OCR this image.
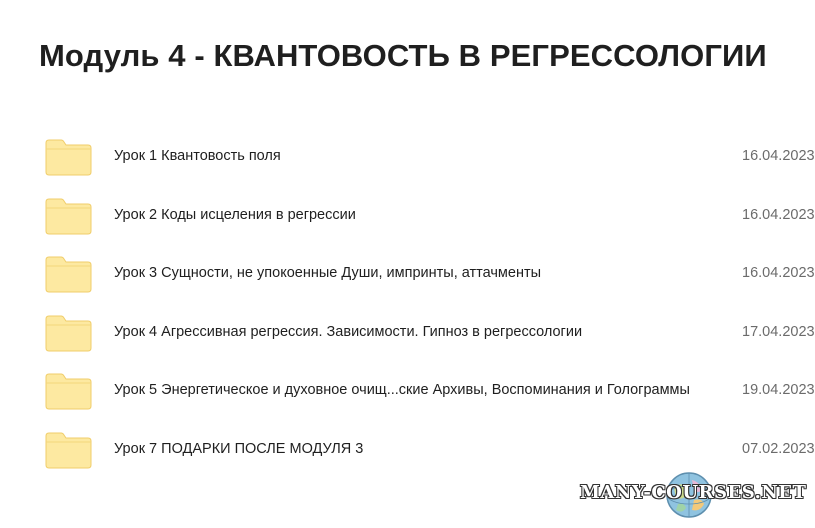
Модуль 4 - КВАНТОВОСТЬ В РЕГРЕССОЛОГИИ
Урок 1 Квантовость поля	16.04.2023
Урок 2 Коды исцеления в регрессии	16.04.2023
Урок 3 Сущности, не упокоенные Души, импринты, аттачменты	16.04.2023
Урок 4 Агрессивная регрессия. Зависимости. Гипноз в регрессологии	17.04.2023
Урок 5 Энергетическое и духовное очищ...ские Архивы, Воспоминания и Голограммы	19.04.2023
Урок 7 ПОДАРКИ ПОСЛЕ МОДУЛЯ 3	07.02.2023
MANY-COURSES.NET
